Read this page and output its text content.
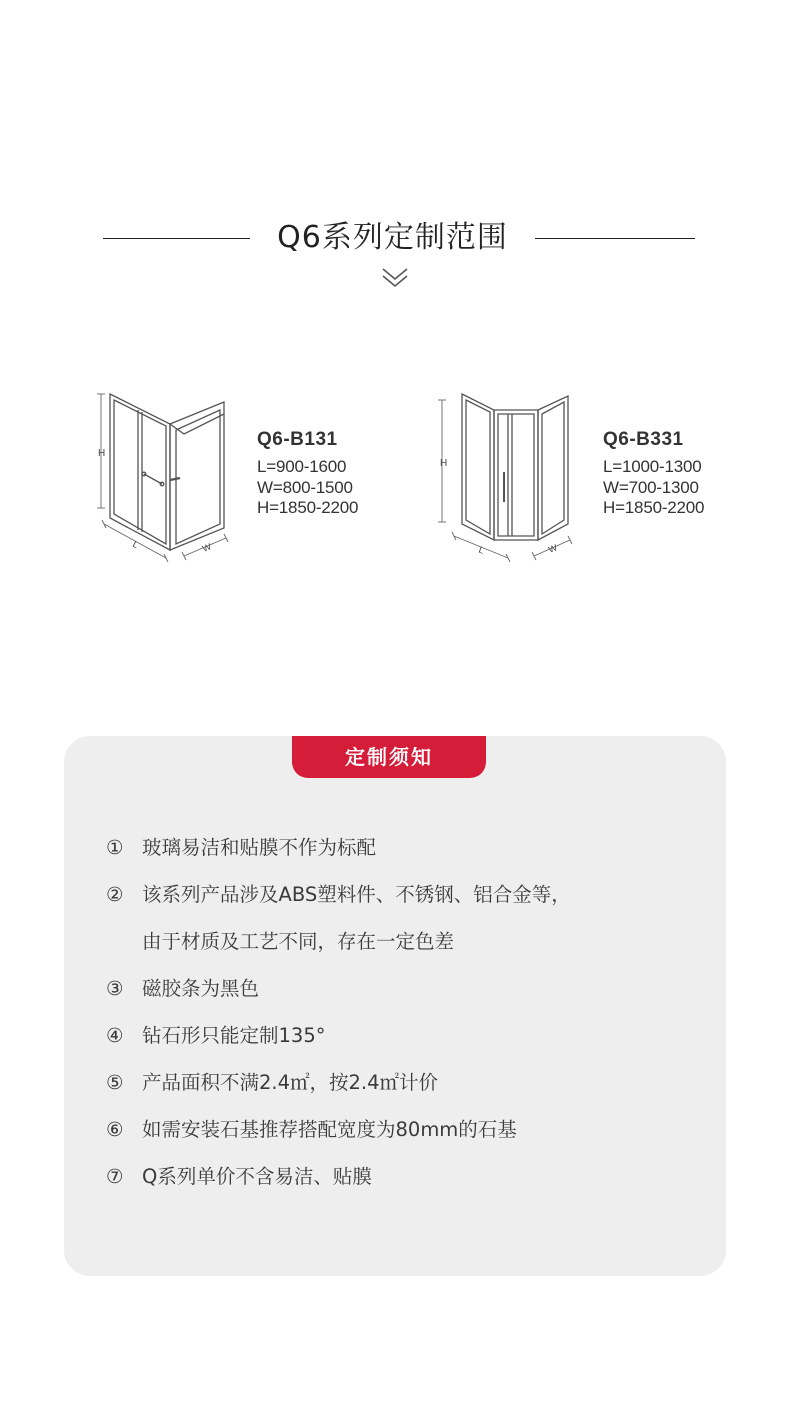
Q6系列定制范围
H
L	W
Q6-B131
L=900-1600
W=800-1500
H=1850-2200
H
L	W
Q6-B331
L=1000-1300
W=700-1300
H=1850-2200
定制须知
① 玻璃易洁和贴膜不作为标配
② 该系列产品涉及ABS塑料件、不锈钢、铝合金等，
由于材质及工艺不同，存在一定色差
③ 磁胶条为黑色
④ 钻石形只能定制135°
⑤ 产品面积不满2.4㎡，按2.4㎡计价
⑥ 如需安装石基推荐搭配宽度为80mm的石基
⑦ Q系列单价不含易洁、贴膜
